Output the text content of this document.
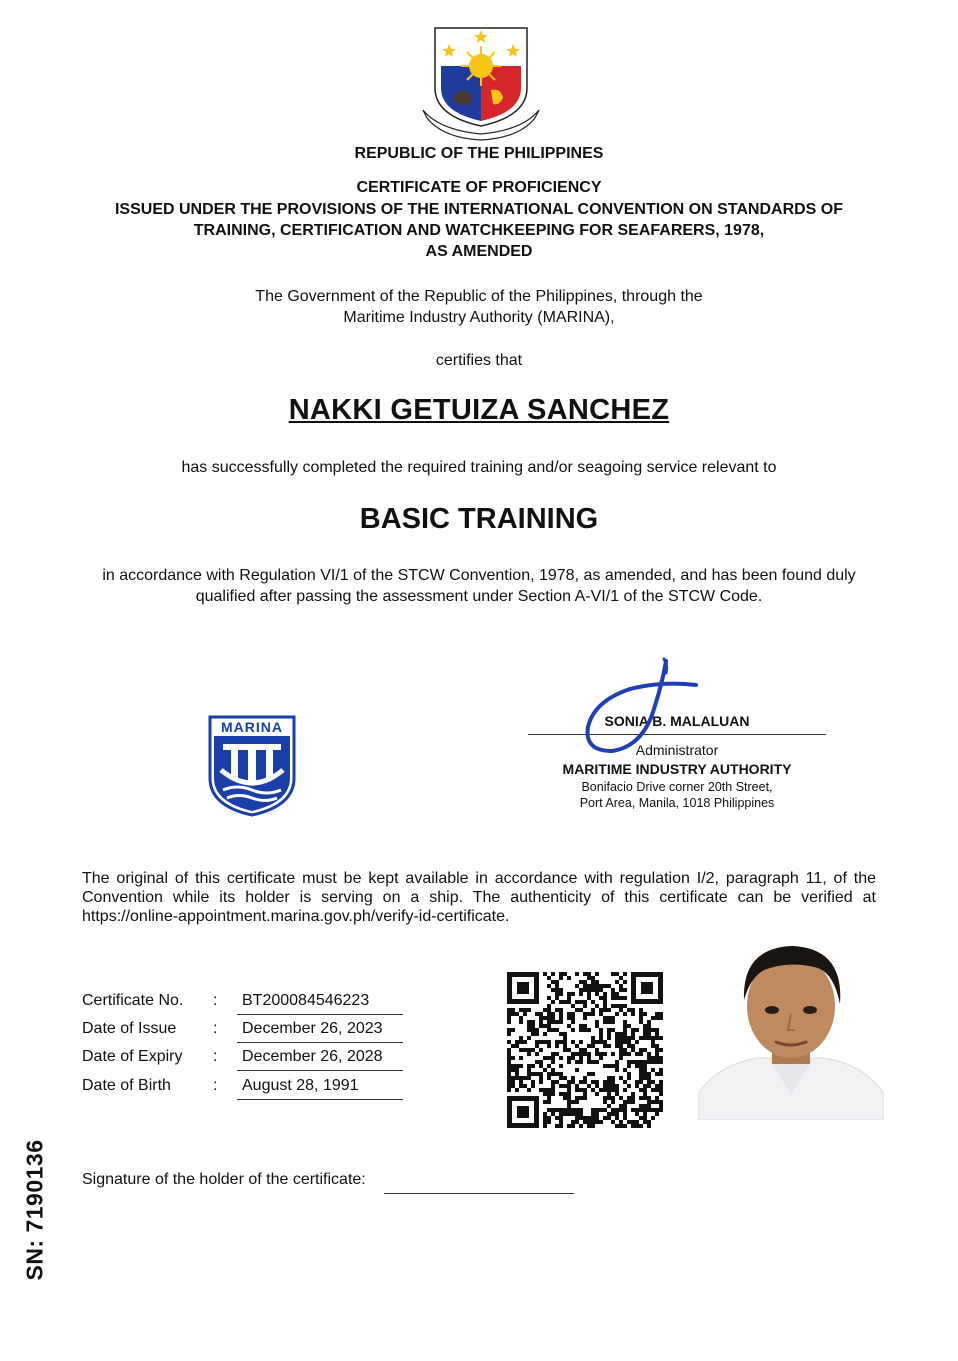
REPUBLIC OF THE PHILIPPINES
CERTIFICATE OF PROFICIENCY
ISSUED UNDER THE PROVISIONS OF THE INTERNATIONAL CONVENTION ON STANDARDS OF
TRAINING, CERTIFICATION AND WATCHKEEPING FOR SEAFARERS, 1978,
AS AMENDED
The Government of the Republic of the Philippines, through the
Maritime Industry Authority (MARINA),
certifies that
NAKKI GETUIZA SANCHEZ
has successfully completed the required training and/or seagoing service relevant to
BASIC TRAINING
in accordance with Regulation VI/1 of the STCW Convention, 1978, as amended, and has been found duly
qualified after passing the assessment under Section A-VI/1 of the STCW Code.
MARINA	SONIA B. MALALUAN
Administrator
MARITIME INDUSTRY AUTHORITY
Bonifacio Drive corner 20th Street,
Port Area, Manila, 1018 Philippines
The original of this certificate must be kept available in accordance with regulation I/2, paragraph 11, of the Convention while its holder is serving on a ship. The authenticity of this certificate can be verified at https://online-appointment.marina.gov.ph/verify-id-certificate.
Certificate No. :	BT200084546223
Date of Issue :	December 26, 2023
Date of Expiry :	December 26, 2028
Date of Birth	:	August 28, 1991
Signature of the holder of the certificate:
SN: 7190136
